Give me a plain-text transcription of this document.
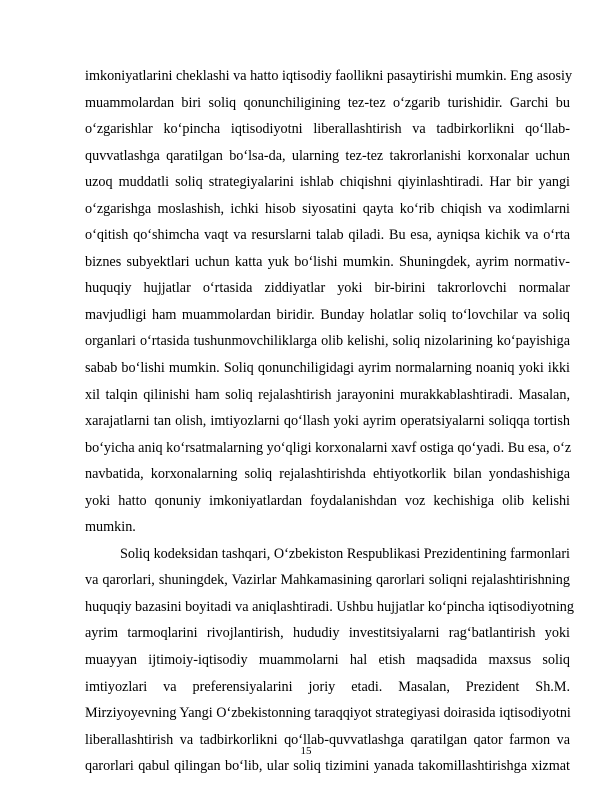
imkoniyatlarini cheklashi va hatto iqtisodiy faollikni pasaytirishi mumkin. Eng asosiy
muammolardan biri soliq qonunchiligining tez-tez o‘zgarib turishidir. Garchi bu
o‘zgarishlar ko‘pincha iqtisodiyotni liberallashtirish va tadbirkorlikni qo‘llab-
quvvatlashga qaratilgan bo‘lsa-da, ularning tez-tez takrorlanishi korxonalar uchun
uzoq muddatli soliq strategiyalarini ishlab chiqishni qiyinlashtiradi. Har bir yangi
o‘zgarishga moslashish, ichki hisob siyosatini qayta ko‘rib chiqish va xodimlarni
o‘qitish qo‘shimcha vaqt va resurslarni talab qiladi. Bu esa, ayniqsa kichik va o‘rta
biznes subyektlari uchun katta yuk bo‘lishi mumkin. Shuningdek, ayrim normativ-
huquqiy hujjatlar o‘rtasida ziddiyatlar yoki bir-birini takrorlovchi normalar
mavjudligi ham muammolardan biridir. Bunday holatlar soliq to‘lovchilar va soliq
organlari o‘rtasida tushunmovchiliklarga olib kelishi, soliq nizolarining ko‘payishiga
sabab bo‘lishi mumkin. Soliq qonunchiligidagi ayrim normalarning noaniq yoki ikki
xil talqin qilinishi ham soliq rejalashtirish jarayonini murakkablashtiradi. Masalan,
xarajatlarni tan olish, imtiyozlarni qo‘llash yoki ayrim operatsiyalarni soliqqa tortish
bo‘yicha aniq ko‘rsatmalarning yo‘qligi korxonalarni xavf ostiga qo‘yadi. Bu esa, o‘z
navbatida, korxonalarning soliq rejalashtirishda ehtiyotkorlik bilan yondashishiga
yoki hatto qonuniy imkoniyatlardan foydalanishdan voz kechishiga olib kelishi
mumkin.
Soliq kodeksidan tashqari, O‘zbekiston Respublikasi Prezidentining farmonlari
va qarorlari, shuningdek, Vazirlar Mahkamasining qarorlari soliqni rejalashtirishning
huquqiy bazasini boyitadi va aniqlashtiradi. Ushbu hujjatlar ko‘pincha iqtisodiyotning
ayrim tarmoqlarini rivojlantirish, hududiy investitsiyalarni rag‘batlantirish yoki
muayyan ijtimoiy-iqtisodiy muammolarni hal etish maqsadida maxsus soliq
imtiyozlari va preferensiyalarini joriy etadi. Masalan, Prezident Sh.M.
Mirziyoyevning Yangi O‘zbekistonning taraqqiyot strategiyasi doirasida iqtisodiyotni
liberallashtirish va tadbirkorlikni qo‘llab-quvvatlashga qaratilgan qator farmon va
qarorlari qabul qilingan bo‘lib, ular soliq tizimini yanada takomillashtirishga xizmat
15
